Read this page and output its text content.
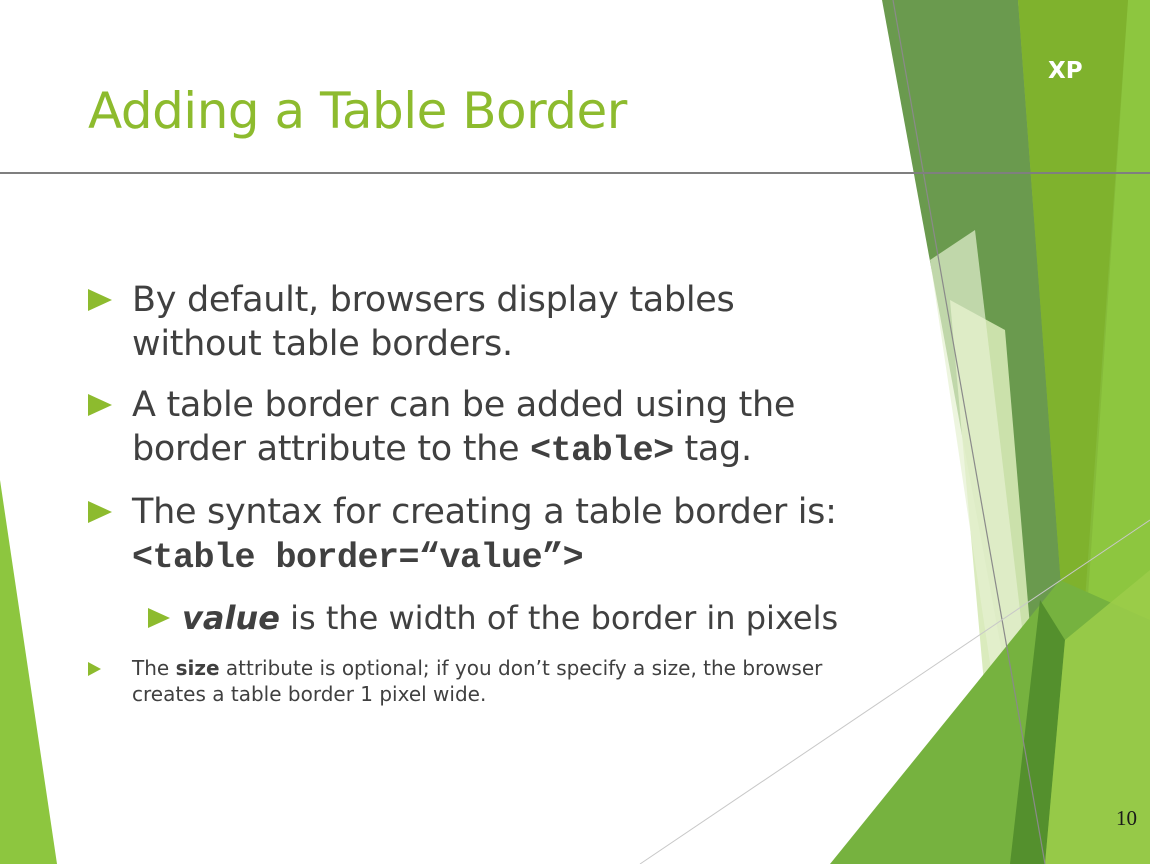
XP
Adding a Table Border
By default, browsers display tables without table borders.
A table border can be added using the border attribute to the <table> tag.
The syntax for creating a table border is: <table border=“value”>
value is the width of the border in pixels
The size attribute is optional; if you don’t specify a size, the browser creates a table border 1 pixel wide.
10
